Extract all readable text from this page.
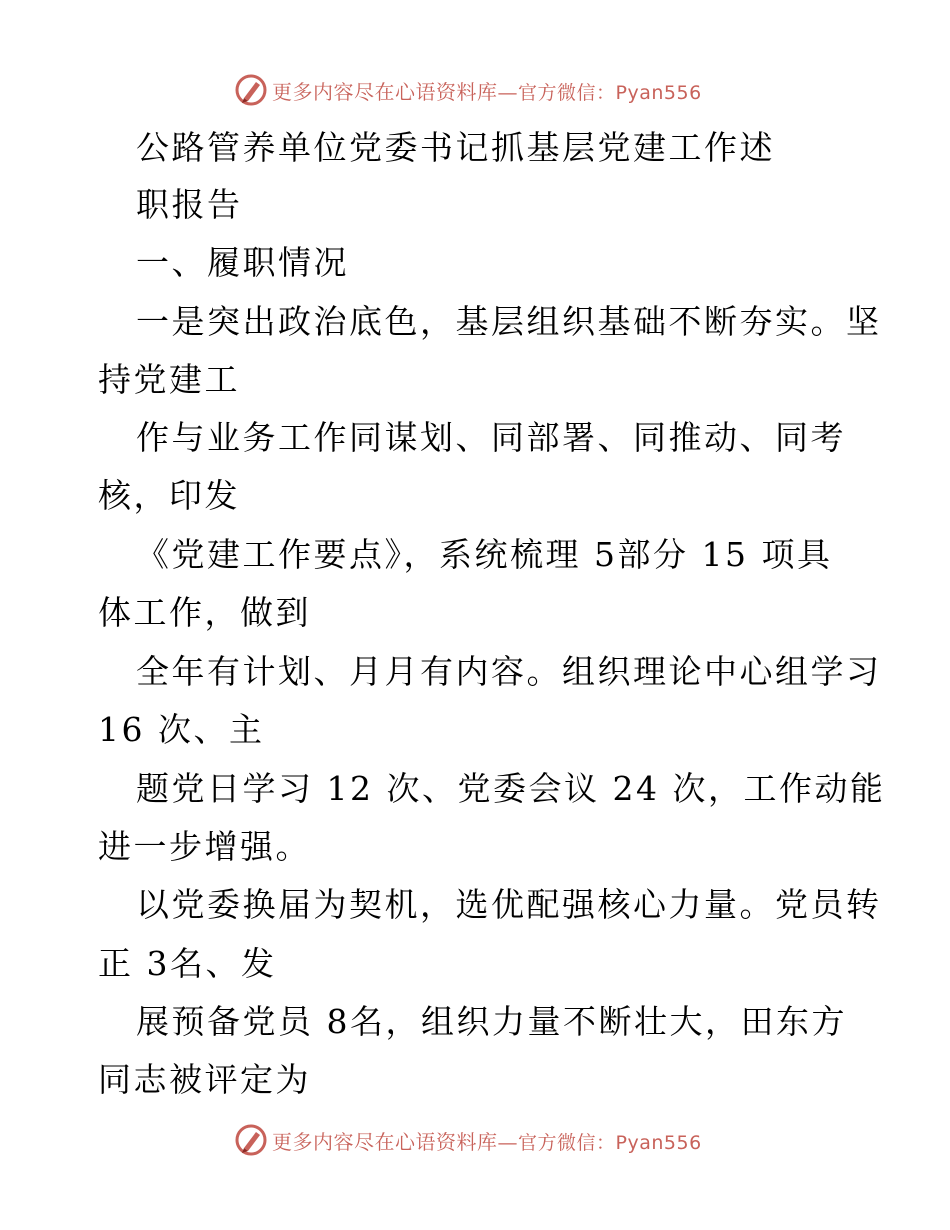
更多内容尽在心语资料库—官方微信：Pyan556
公路管养单位党委书记抓基层党建工作述
职报告
一、履职情况
一是突出政治底色，基层组织基础不断夯实。坚
持党建工
作与业务工作同谋划、同部署、同推动、同考
核，印发
《党建工作要点》，系统梳理 5部分 15 项具
体工作，做到
全年有计划、月月有内容。组织理论中心组学习
16 次、主
题党日学习 12 次、党委会议 24 次，工作动能
进一步增强。
以党委换届为契机，选优配强核心力量。党员转
正 3名、发
展预备党员 8名，组织力量不断壮大，田东方
同志被评定为
更多内容尽在心语资料库—官方微信：Pyan556
